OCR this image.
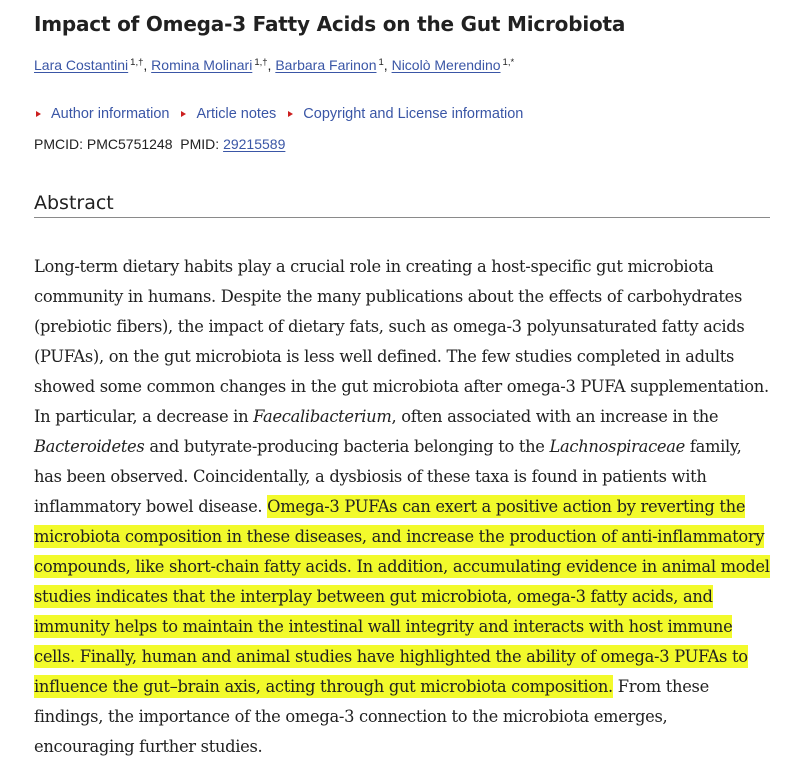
Impact of Omega-3 Fatty Acids on the Gut Microbiota
Lara Costantini $^{1,\dagger}$, Romina Molinari $^{1,\dagger}$, Barbara Farinon $^1$, Nicolò Merendino $^{1,*}$
Author information Article notes Copyright and License information
PMCID: PMC5751248 PMID: 29215589
Abstract

Long-term dietary habits play a crucial role in creating a host-specific gut microbiota community in humans. Despite the many publications about the effects of carbohydrates (prebiotic fibers), the impact of dietary fats, such as omega-3 polyunsaturated fatty acids (PUFAs), on the gut microbiota is less well defined. The few studies completed in adults showed some common changes in the gut microbiota after omega-3 PUFA supplementation. In particular, a decrease in Faecalibacterium, often associated with an increase in the Bacteroidetes and butyrate-producing bacteria belonging to the Lachnospiraceae family, has been observed. Coincidentally, a dysbiosis of these taxa is found in patients with inflammatory bowel disease. Omega-3 PUFAs can exert a positive action by reverting the microbiota composition in these diseases, and increase the production of anti-inflammatory compounds, like short-chain fatty acids. In addition, accumulating evidence in animal model studies indicates that the interplay between gut microbiota, omega-3 fatty acids, and immunity helps to maintain the intestinal wall integrity and interacts with host immune cells. Finally, human and animal studies have highlighted the ability of omega-3 PUFAs to influence the gut–brain axis, acting through gut microbiota composition. From these findings, the importance of the omega-3 connection to the microbiota emerges, encouraging further studies.
